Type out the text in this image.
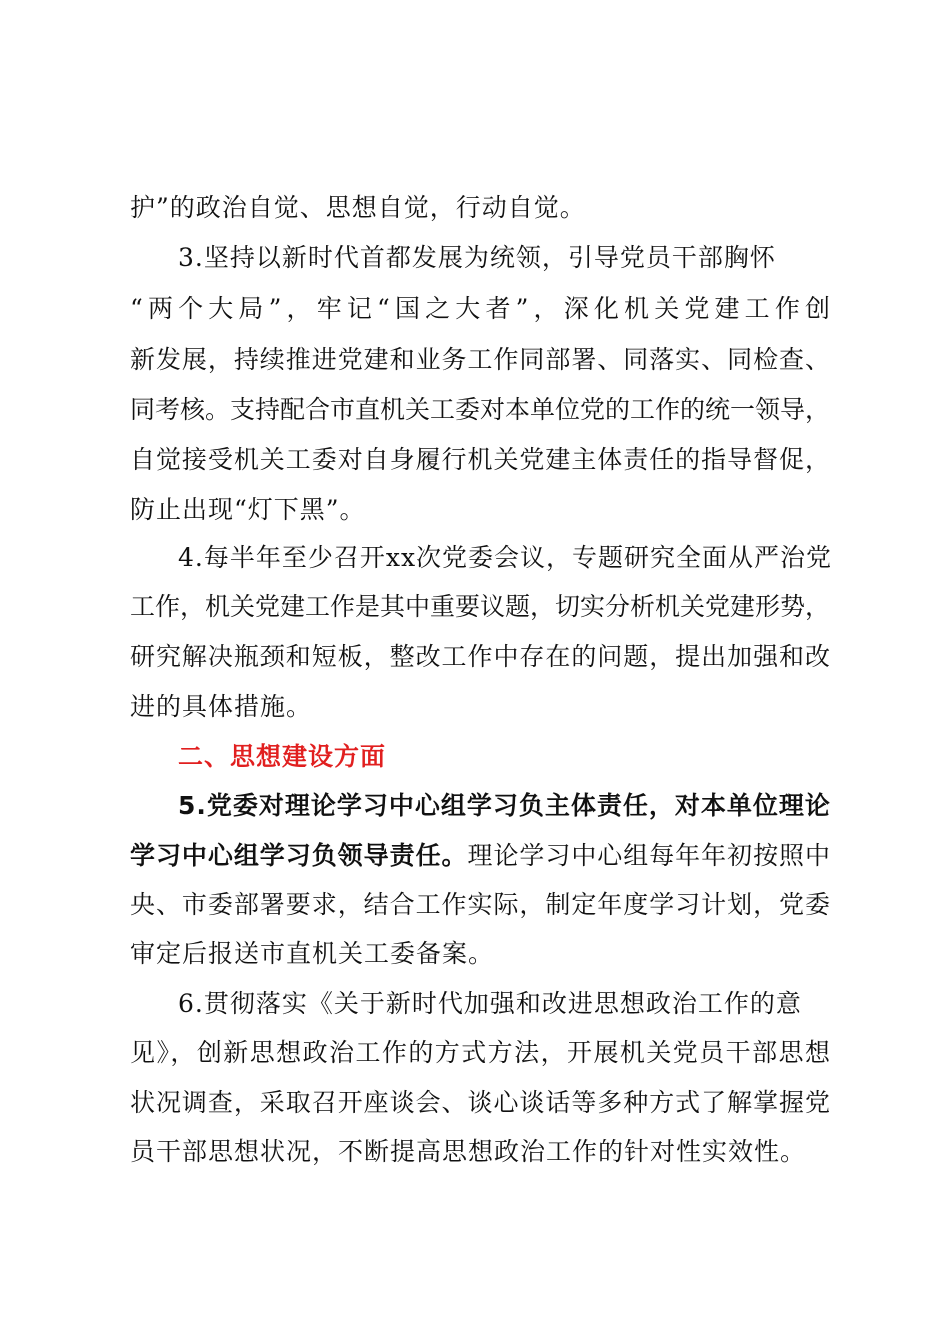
护”的政治自觉、思想自觉，行动自觉。
3.坚持以新时代首都发展为统领，引导党员干部胸怀
“两个大局”，牢记“国之大者”，深化机关党建工作创
新发展，持续推进党建和业务工作同部署、同落实、同检查、
同考核。支持配合市直机关工委对本单位党的工作的统一领导，
自觉接受机关工委对自身履行机关党建主体责任的指导督促，
防止出现“灯下黑”。
4.每半年至少召开xx次党委会议，专题研究全面从严治党
工作，机关党建工作是其中重要议题，切实分析机关党建形势，
研究解决瓶颈和短板，整改工作中存在的问题，提出加强和改
进的具体措施。
二、思想建设方面
5.党委对理论学习中心组学习负主体责任，对本单位理论
学习中心组学习负领导责任。理论学习中心组每年年初按照中
央、市委部署要求，结合工作实际，制定年度学习计划，党委
审定后报送市直机关工委备案。
6.贯彻落实《关于新时代加强和改进思想政治工作的意
见》，创新思想政治工作的方式方法，开展机关党员干部思想
状况调查，采取召开座谈会、谈心谈话等多种方式了解掌握党
员干部思想状况，不断提高思想政治工作的针对性实效性。
